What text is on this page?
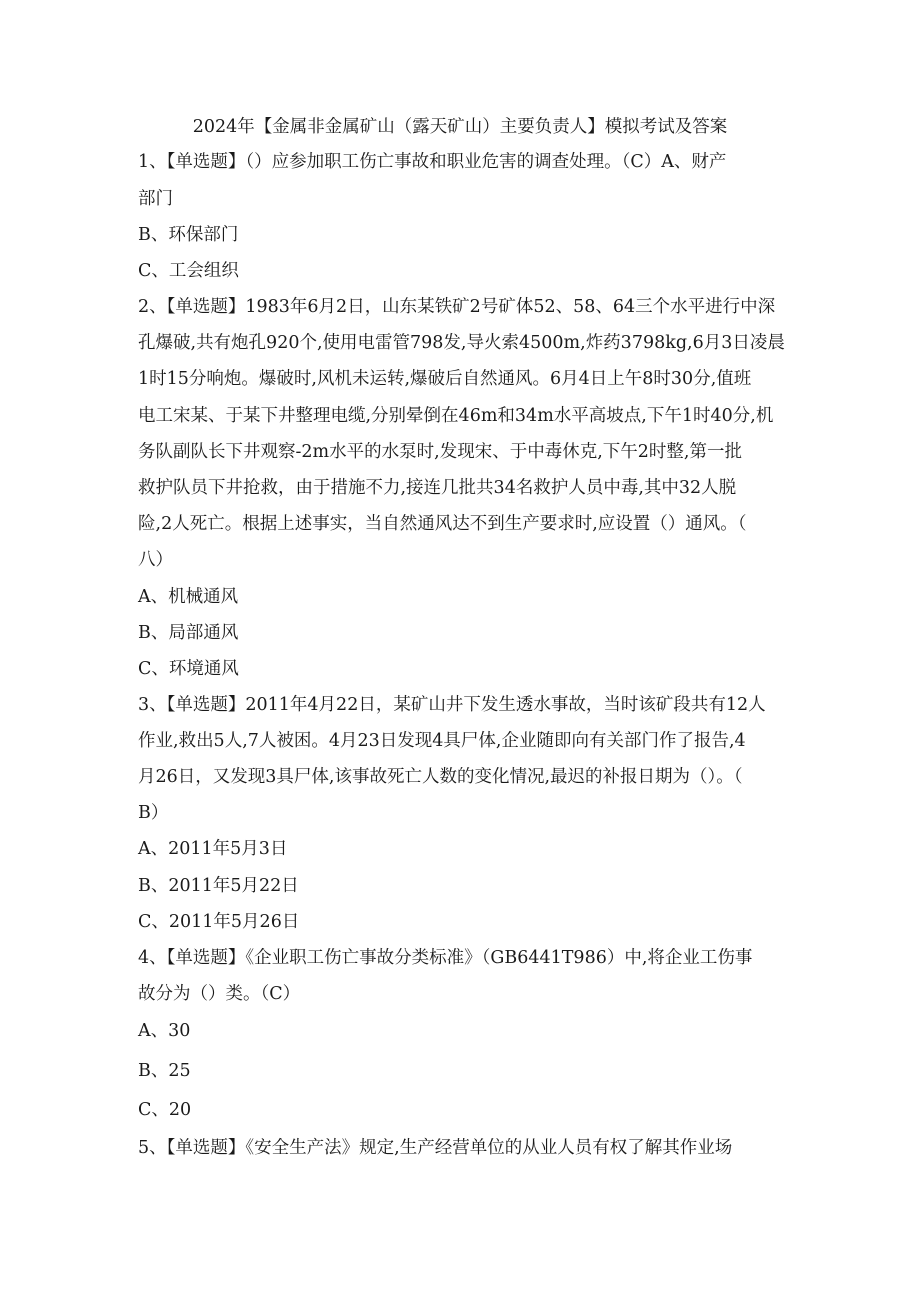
2024年【金属非金属矿山（露天矿山）主要负责人】模拟考试及答案

1、【单选题】（）应参加职工伤亡事故和职业危害的调查处理。（C）A、财产

部门

B、环保部门

C、工会组织

2、【单选题】1983年6月2日，山东某铁矿2号矿体52、58、64三个水平进行中深

孔爆破,共有炮孔920个,使用电雷管798发,导火索4500m,炸药3798kg,6月3日凌晨

1时15分响炮。爆破时,风机未运转,爆破后自然通风。6月4日上午8时30分,值班

电工宋某、于某下井整理电缆,分别晕倒在46m和34m水平高坡点,下午1时40分,机

务队副队长下井观察-2m水平的水泵时,发现宋、于中毒休克,下午2时整,第一批

救护队员下井抢救，由于措施不力,接连几批共34名救护人员中毒,其中32人脱

险,2人死亡。根据上述事实，当自然通风达不到生产要求时,应设置（）通风。（

八）

A、机械通风

B、局部通风

C、环境通风

3、【单选题】2011年4月22日，某矿山井下发生透水事故，当时该矿段共有12人

作业,救出5人,7人被困。4月23日发现4具尸体,企业随即向有关部门作了报告,4

月26日，又发现3具尸体,该事故死亡人数的变化情况,最迟的补报日期为（）。（

B）

A、2011年5月3日

B、2011年5月22日

C、2011年5月26日

4、【单选题】《企业职工伤亡事故分类标准》（GB6441T986）中,将企业工伤事

故分为（）类。（C）

A、30

B、25

C、20

5、【单选题】《安全生产法》规定,生产经营单位的从业人员有权了解其作业场
